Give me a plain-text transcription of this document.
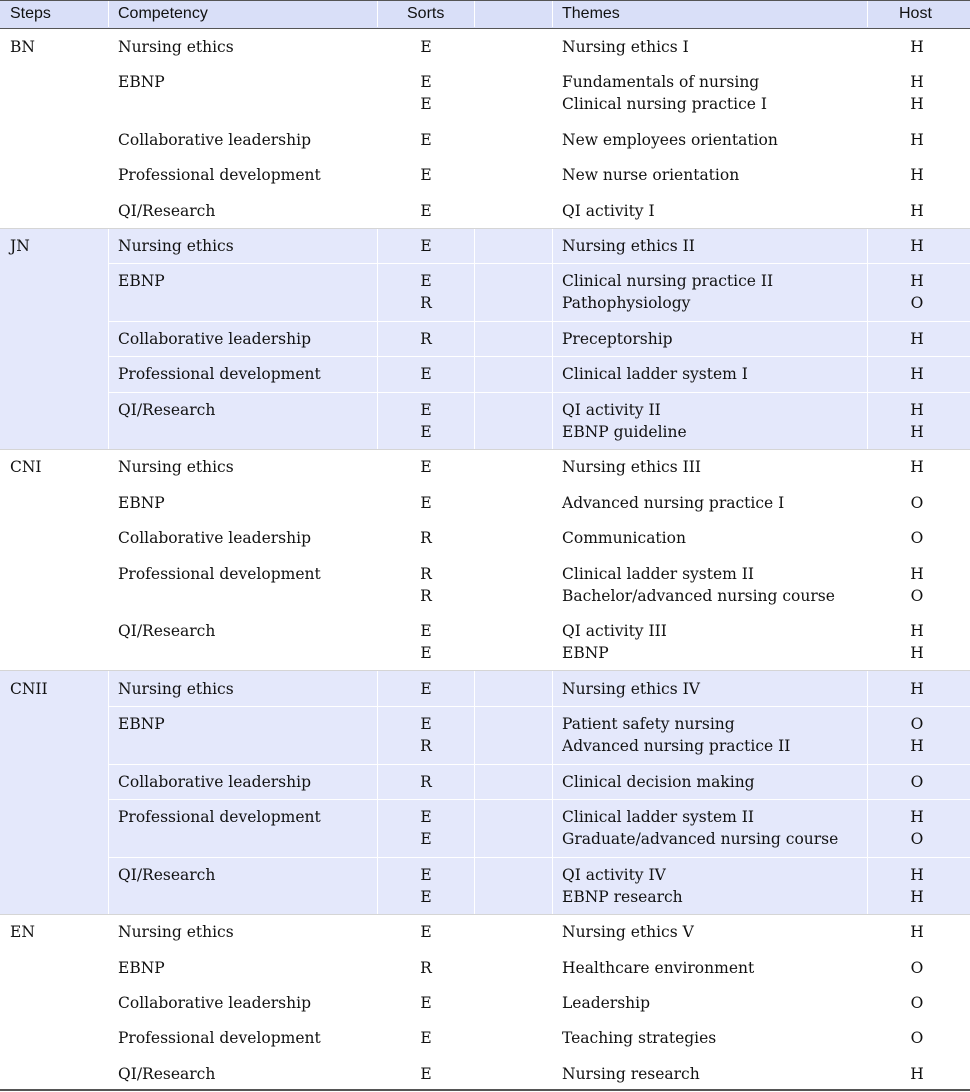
Steps	Competency	Sorts	Themes	Host
BN	Nursing ethics	E	Nursing ethics I	H
EBNP	E	Fundamentals of nursing	H
E	Clinical nursing practice I	H
Collaborative leadership	E	New employees orientation	H
Professional development	E	New nurse orientation	H
QI/Research	E	QI activity I	H
JN	Nursing ethics	E	Nursing ethics II	H
EBNP	E	Clinical nursing practice II	H
R	Pathophysiology	O
Collaborative leadership	R	Preceptorship	H
Professional development	E	Clinical ladder system I	H
QI/Research	E	QI activity II	H
E	EBNP guideline	H
CNI	Nursing ethics	E	Nursing ethics III	H
EBNP	E	Advanced nursing practice I	O
Collaborative leadership	R	Communication	O
Professional development	R	Clinical ladder system II	H
R	Bachelor/advanced nursing course	O
QI/Research	E	QI activity III	H
E	EBNP	H
CNII	Nursing ethics	E	Nursing ethics IV	H
EBNP	E	Patient safety nursing	O
R	Advanced nursing practice II	H
Collaborative leadership	R	Clinical decision making	O
Professional development	E	Clinical ladder system II	H
E	Graduate/advanced nursing course	O
QI/Research	E	QI activity IV	H
E	EBNP research	H
EN	Nursing ethics	E	Nursing ethics V	H
EBNP	R	Healthcare environment	O
Collaborative leadership	E	Leadership	O
Professional development	E	Teaching strategies	O
QI/Research	E	Nursing research	H
